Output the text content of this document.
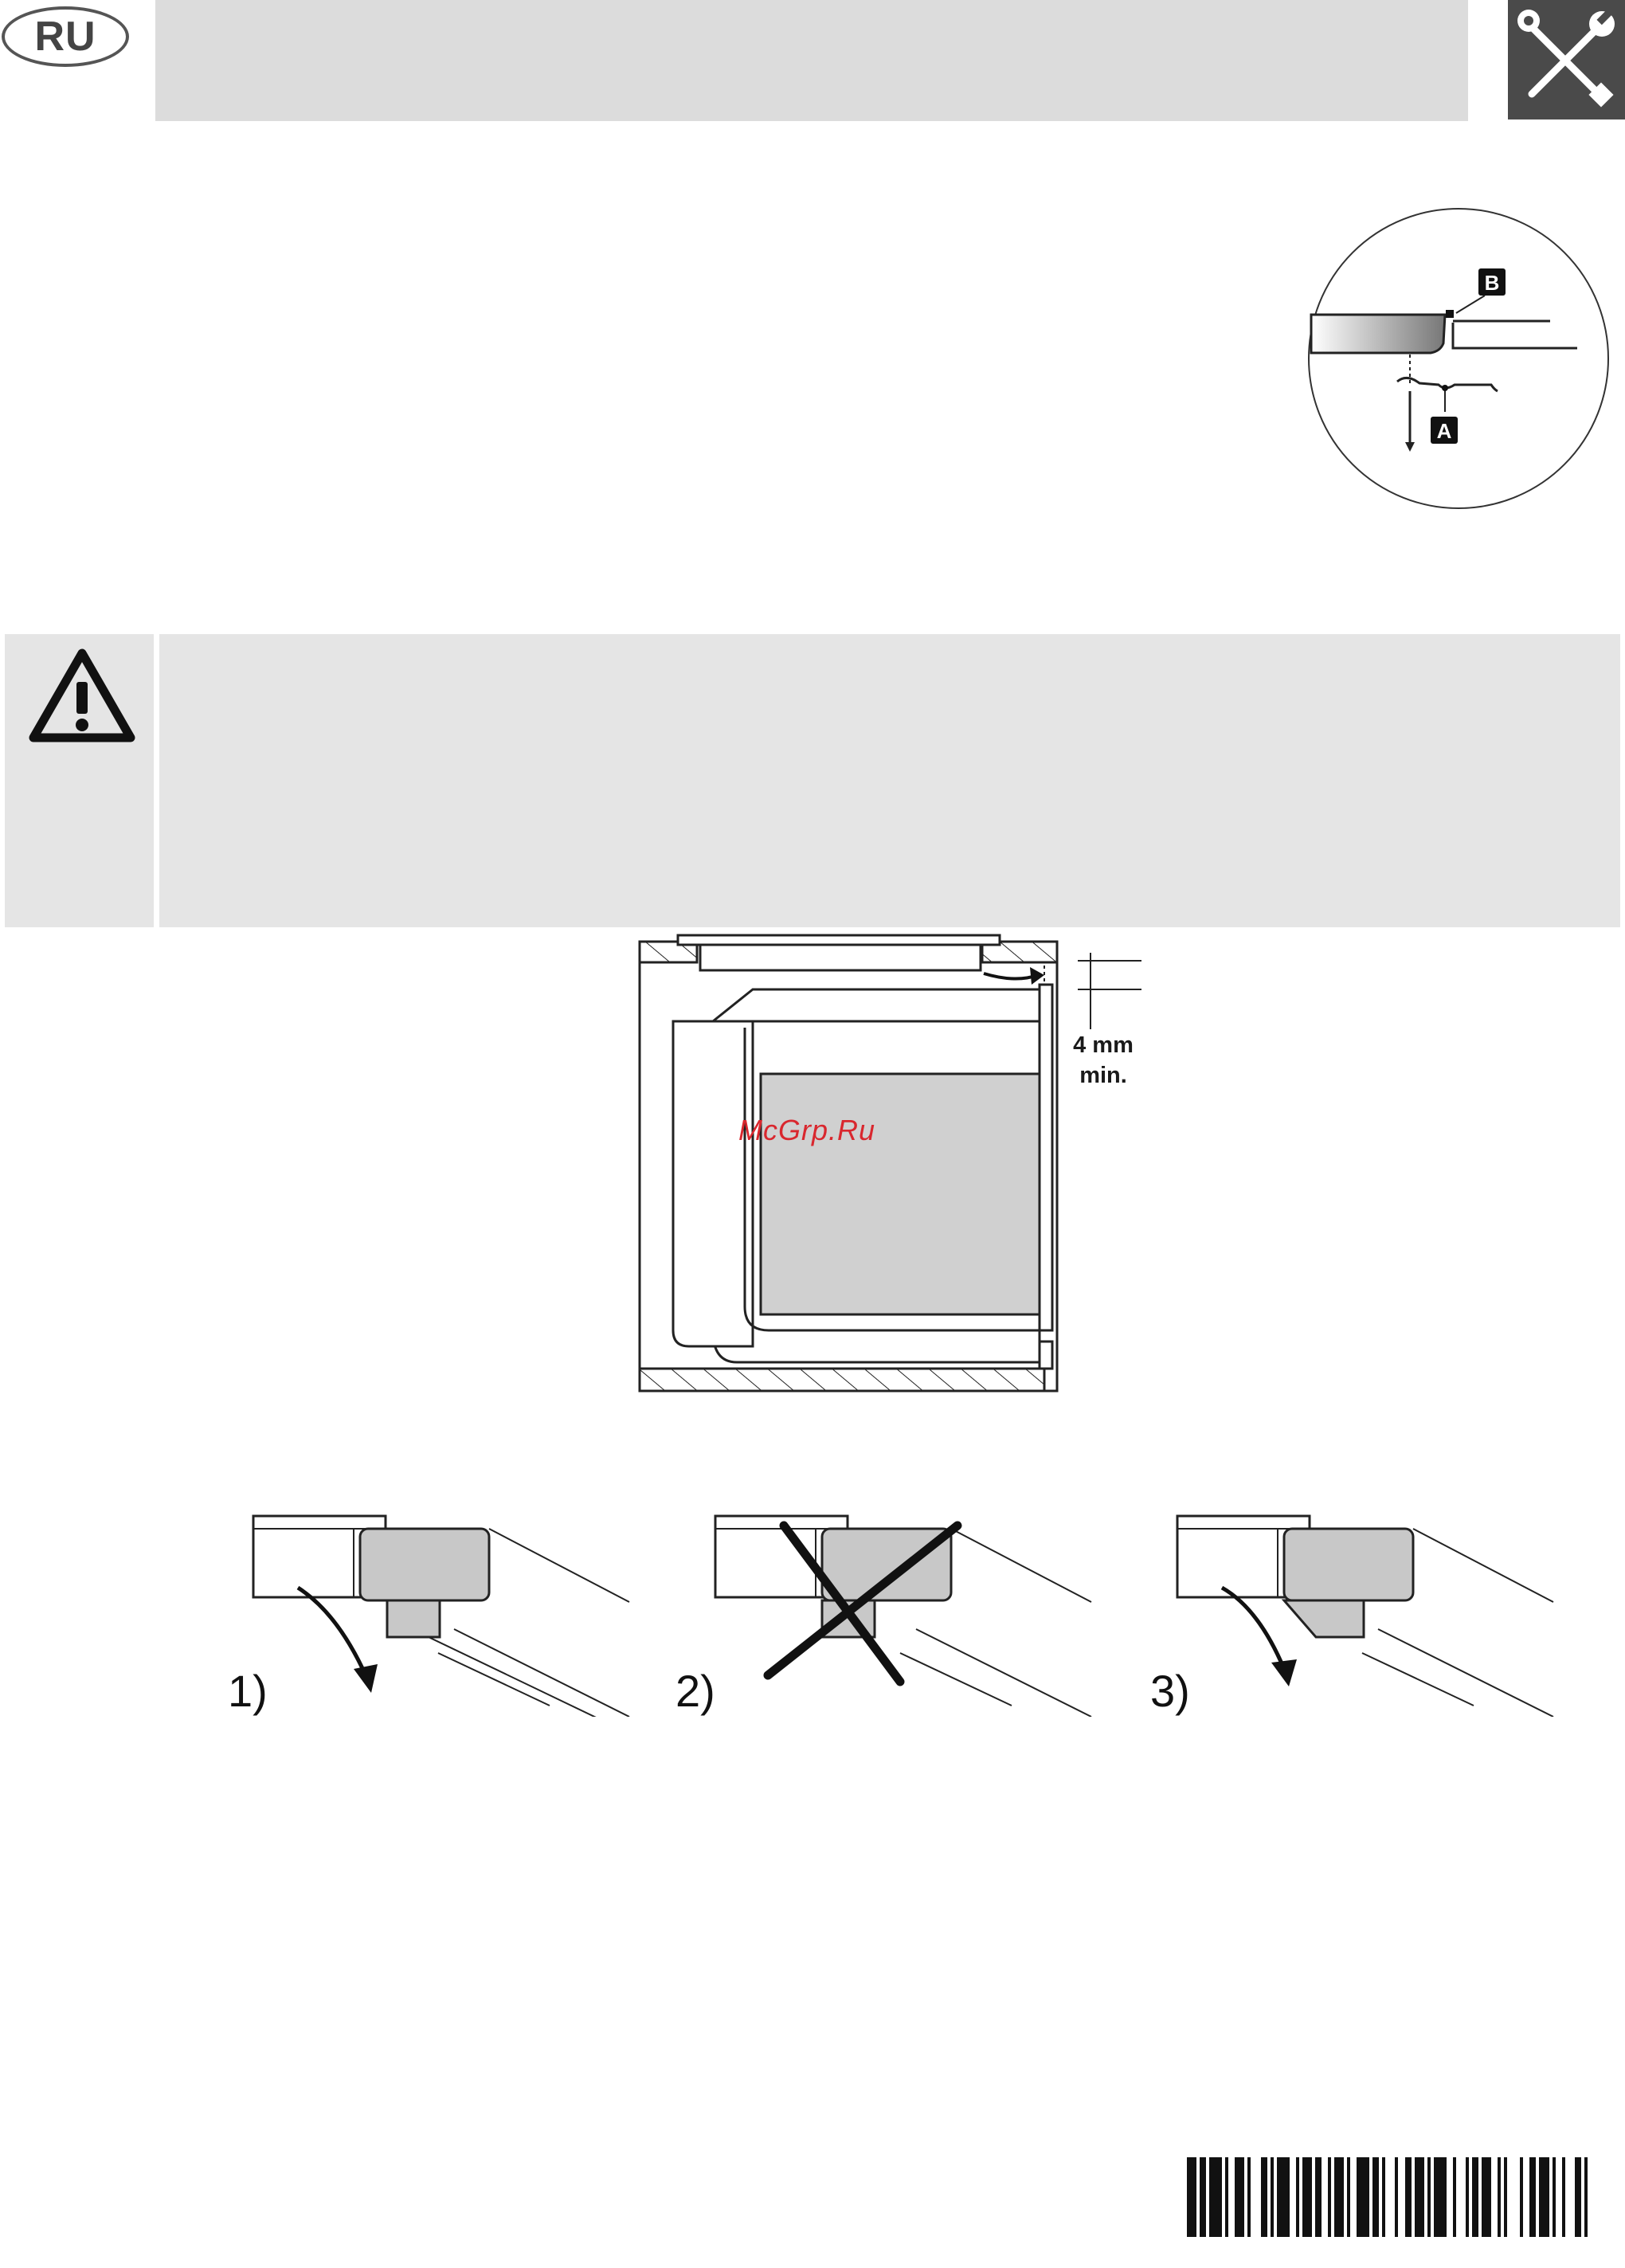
RU
A
B
4 mm
min.
McGrp.Ru
1)	2)	3)
